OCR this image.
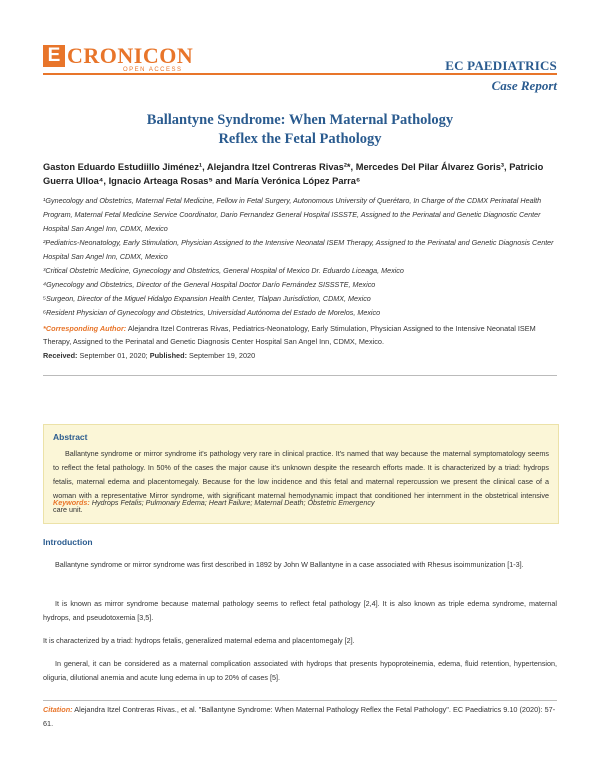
E CRONICON
OPEN ACCESS	EC PAEDIATRICS
Case Report
Ballantyne Syndrome: When Maternal Pathology
Reflex the Fetal Pathology
Gaston Eduardo Estudiillo Jiménez¹, Alejandra Itzel Contreras Rivas²*, Mercedes Del Pilar Álvarez Goris³, Patricio Guerra Ulloa⁴, Ignacio Arteaga Rosas⁵ and María Verónica López Parra⁶
¹Gynecology and Obstetrics, Maternal Fetal Medicine, Fellow in Fetal Surgery, Autonomous University of Querétaro, In Charge of the CDMX Perinatal Health Program, Maternal Fetal Medicine Service Coordinator, Dario Fernandez General Hospital ISSSTE, Assigned to the Perinatal and Genetic Diagnostic Center Hospital San Angel Inn, CDMX, Mexico
²Pediatrics-Neonatology, Early Stimulation, Physician Assigned to the Intensive Neonatal ISEM Therapy, Assigned to the Perinatal and Genetic Diagnosis Center Hospital San Angel Inn, CDMX, Mexico
³Critical Obstetric Medicine, Gynecology and Obstetrics, General Hospital of Mexico Dr. Eduardo Liceaga, Mexico
⁴Gynecology and Obstetrics, Director of the General Hospital Doctor Darío Fernández SISSSTE, Mexico
⁵Surgeon, Director of the Miguel Hidalgo Expansion Health Center, Tlalpan Jurisdiction, CDMX, Mexico
⁶Resident Physician of Gynecology and Obstetrics, Universidad Autónoma del Estado de Morelos, Mexico
*Corresponding Author: Alejandra Itzel Contreras Rivas, Pediatrics-Neonatology, Early Stimulation, Physician Assigned to the Intensive Neonatal ISEM Therapy, Assigned to the Perinatal and Genetic Diagnosis Center Hospital San Angel Inn, CDMX, Mexico.
Received: September 01, 2020; Published: September 19, 2020
Abstract
Ballantyne syndrome or mirror syndrome it's pathology very rare in clinical practice. It's named that way because the maternal symptomatology seems to reflect the fetal pathology. In 50% of the cases the major cause it's unknown despite the research efforts made. It is characterized by a triad: hydrops fetalis, maternal edema and placentomegaly. Because for the low incidence and this fetal and maternal repercussion we present the clinical case of a woman with a representative Mirror syndrome, with significant maternal hemodynamic impact that conditioned her internment in the obstetrical intensive care unit.
Keywords: Hydrops Fetalis; Pulmonary Edema; Heart Failure; Maternal Death; Obstetric Emergency
Introduction
Ballantyne syndrome or mirror syndrome was first described in 1892 by John W Ballantyne in a case associated with Rhesus isoimmunization [1-3].
It is known as mirror syndrome because maternal pathology seems to reflect fetal pathology [2,4]. It is also known as triple edema syndrome, maternal hydrops, and pseudotoxemia [3,5].
It is characterized by a triad: hydrops fetalis, generalized maternal edema and placentomegaly [2].
In general, it can be considered as a maternal complication associated with hydrops that presents hypoproteinemia, edema, fluid retention, hypertension, oliguria, dilutional anemia and acute lung edema in up to 20% of cases [5].
Citation: Alejandra Itzel Contreras Rivas., et al. "Ballantyne Syndrome: When Maternal Pathology Reflex the Fetal Pathology". EC Paediatrics 9.10 (2020): 57-61.
